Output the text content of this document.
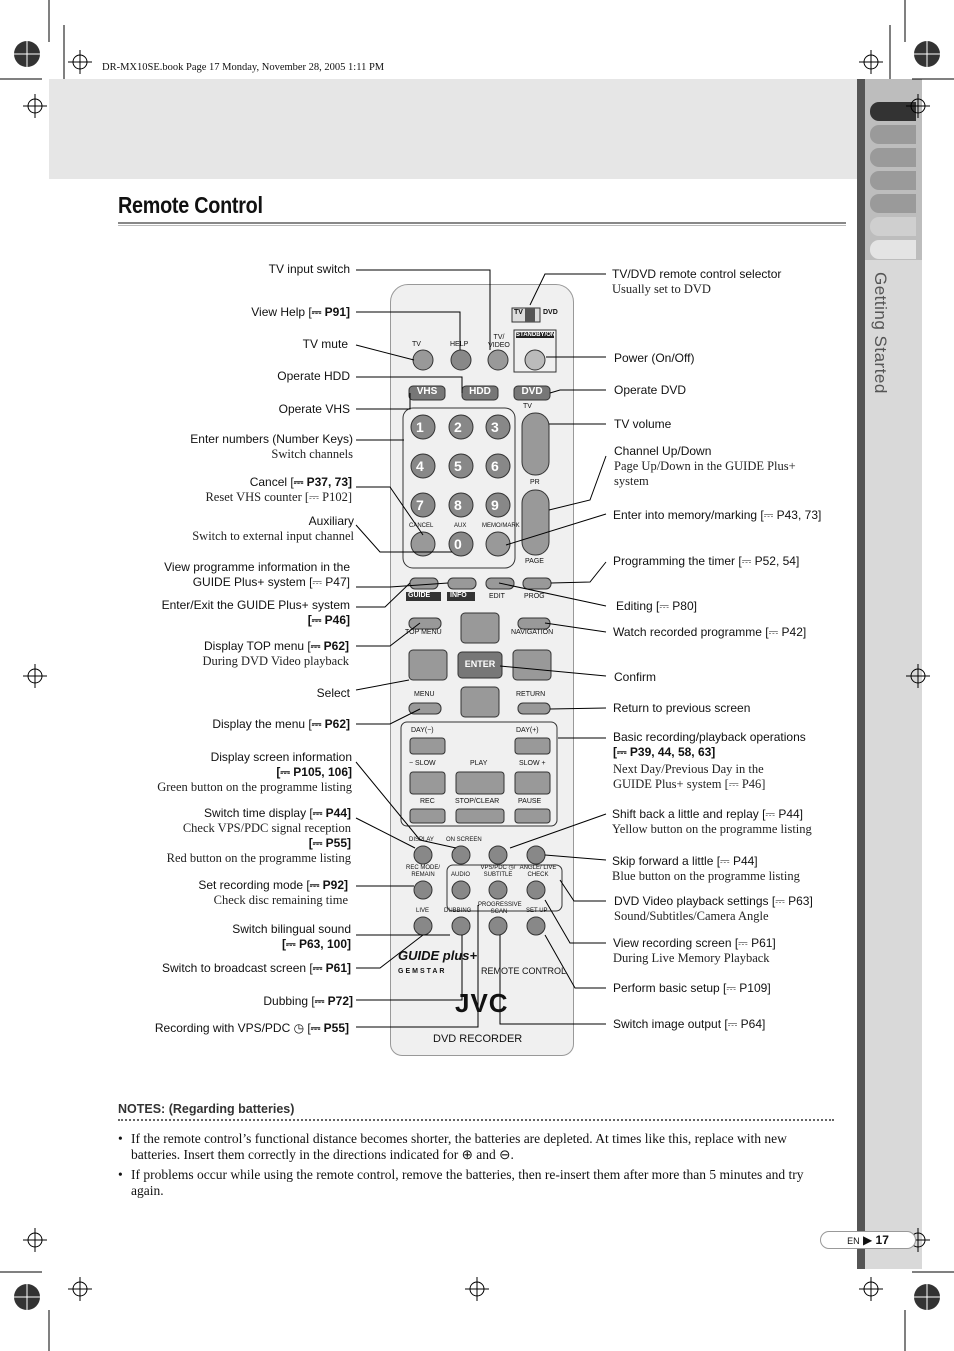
Getting Started
DR-MX10SE.book Page 17 Monday, November 28, 2005 1:11 PM
Remote Control
TV	DVD
STANDBY/ON
TV	HELP
TV/ VIDEO
VHS	HDD	DVD
1 2 3
4 5 6
7 8 9
0
TV
PR
PAGE
CANCEL	AUX	MEMO/MARK
GUIDE	INFO	EDIT	PROG
TOP MENU	NAVIGATION
ENTER
MENU	RETURN
DAY(−)	DAY(+)
− SLOW	PLAY	SLOW +
REC	STOP/CLEAR	PAUSE
DISPLAY ON SCREEN
REC MODE/ REMAIN	AUDIO
VPS/PDC ◷/ SUBTITLE
ANGLE/ LIVE CHECK
LIVE DUBBING
PROGRESSIVE SCAN	SET UP
GUIDE plus+
GEMSTAR	REMOTE CONTROL
JVC
DVD RECORDER
TV input switch
View Help [⎓ P91]
TV mute
Operate HDD
Operate VHS
Enter numbers (Number Keys)
Switch channels
Cancel [⎓ P37, 73]
Reset VHS counter [⎓ P102]
Auxiliary
Switch to external input channel
View programme information in the
GUIDE Plus+ system [⎓ P47]
Enter/Exit the GUIDE Plus+ system
[⎓ P46]
Display TOP menu [⎓ P62]
During DVD Video playback
Select
Display the menu [⎓ P62]
Display screen information
[⎓ P105, 106]
Green button on the programme listing
Switch time display [⎓ P44]
Check VPS/PDC signal reception
[⎓ P55]
Red button on the programme listing
Set recording mode [⎓ P92]
Check disc remaining time
Switch bilingual sound
[⎓ P63, 100]
Switch to broadcast screen [⎓ P61]
Dubbing [⎓ P72]
Recording with VPS/PDC ◷ [⎓ P55]
TV/DVD remote control selector
Usually set to DVD
Power (On/Off)
Operate DVD
TV volume
Channel Up/Down
Page Up/Down in the GUIDE Plus+ system
Enter into memory/marking [⎓ P43, 73]
Programming the timer [⎓ P52, 54]
Editing [⎓ P80]
Watch recorded programme [⎓ P42]
Confirm
Return to previous screen
Basic recording/playback operations
[⎓ P39, 44, 58, 63]
Next Day/Previous Day in the GUIDE Plus+ system [⎓ P46]
Shift back a little and replay [⎓ P44]
Yellow button on the programme listing
Skip forward a little [⎓ P44]
Blue button on the programme listing
DVD Video playback settings [⎓ P63]
Sound/Subtitles/Camera Angle
View recording screen [⎓ P61]
During Live Memory Playback
Perform basic setup [⎓ P109]
Switch image output [⎓ P64]
NOTES: (Regarding batteries)
• If the remote control’s functional distance becomes shorter, the batteries are depleted. At times like this, replace with new batteries. Insert them correctly in the directions indicated for ⊕ and ⊖.
• If problems occur while using the remote control, remove the batteries, then re-insert them after more than 5 minutes and try again.
EN ▶ 17
